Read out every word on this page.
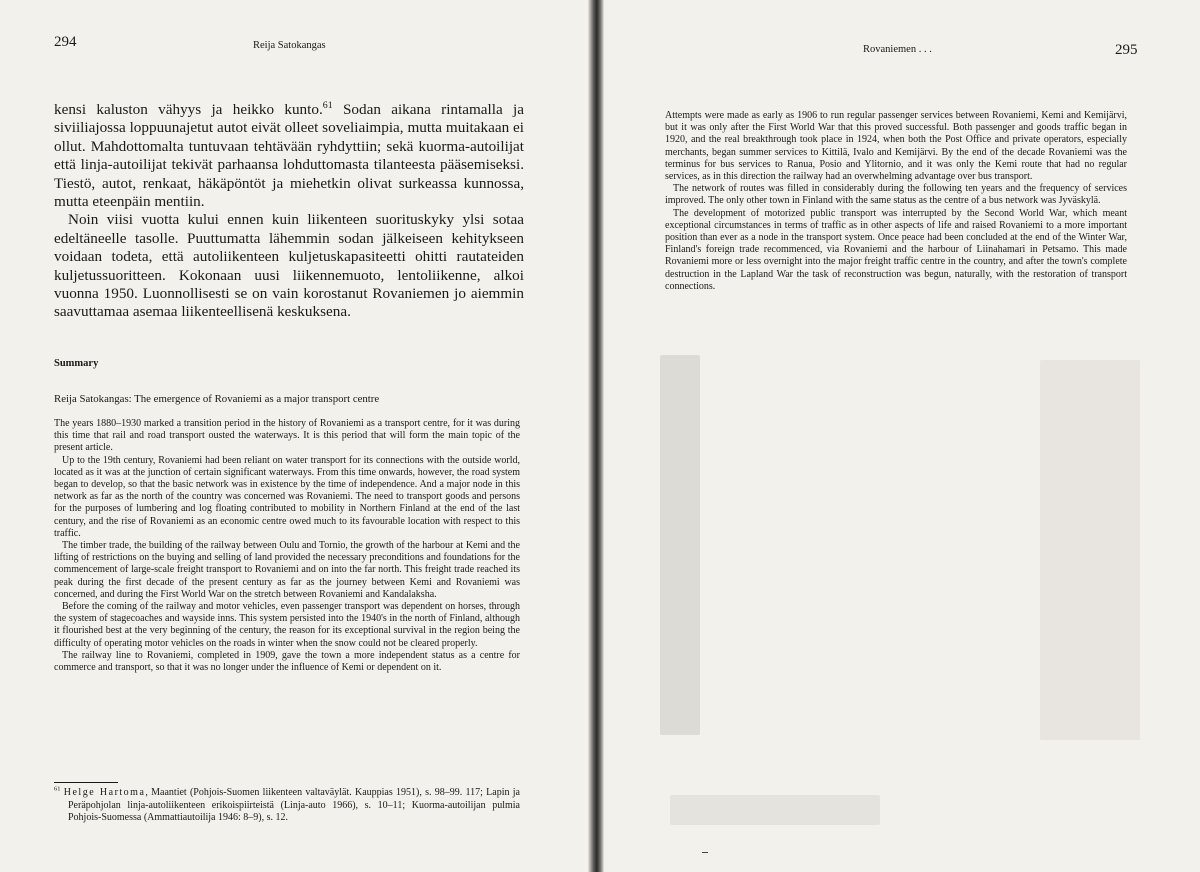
294	Reija Satokangas

kensi kaluston vähyys ja heikko kunto.$^{61}$ Sodan aikana rintamalla ja siviiliajossa loppuunajetut autot eivät olleet soveliaimpia, mutta muitakaan ei ollut. Mahdottomalta tuntuvaan tehtävään ryhdyttiin; sekä kuorma-autoilijat että linja-autoilijat tekivät parhaansa lohduttomasta tilanteesta pääsemiseksi. Tiestö, autot, renkaat, häkäpöntöt ja miehetkin olivat surkeassa kunnossa, mutta eteenpäin mentiin.

Noin viisi vuotta kului ennen kuin liikenteen suorituskyky ylsi sotaa edeltäneelle tasolle. Puuttumatta lähemmin sodan jälkeiseen kehitykseen voidaan todeta, että autoliikenteen kuljetuskapasiteetti ohitti rautateiden kuljetussuoritteen. Kokonaan uusi liikennemuoto, lentoliikenne, alkoi vuonna 1950. Luonnollisesti se on vain korostanut Rovaniemen jo aiemmin saavuttamaa asemaa liikenteellisenä keskuksena.

Summary
Reija Satokangas: The emergence of Rovaniemi as a major transport centre

The years 1880–1930 marked a transition period in the history of Rovaniemi as a transport centre, for it was during this time that rail and road transport ousted the waterways. It is this period that will form the main topic of the present article.

Up to the 19th century, Rovaniemi had been reliant on water transport for its connections with the outside world, located as it was at the junction of certain significant waterways. From this time onwards, however, the road system began to develop, so that the basic network was in existence by the time of independence. And a major node in this network as far as the north of the country was concerned was Rovaniemi. The need to transport goods and persons for the purposes of lumbering and log floating contributed to mobility in Northern Finland at the end of the last century, and the rise of Rovaniemi as an economic centre owed much to its favourable location with respect to this traffic.

The timber trade, the building of the railway between Oulu and Tornio, the growth of the harbour at Kemi and the lifting of restrictions on the buying and selling of land provided the necessary preconditions and foundations for the commencement of large-scale freight transport to Rovaniemi and on into the far north. This freight trade reached its peak during the first decade of the present century as far as the journey between Kemi and Rovaniemi was concerned, and during the First World War on the stretch between Rovaniemi and Kandalaksha.

Before the coming of the railway and motor vehicles, even passenger transport was dependent on horses, through the system of stagecoaches and wayside inns. This system persisted into the 1940's in the north of Finland, although it flourished best at the very beginning of the century, the reason for its exceptional survival in the region being the difficulty of operating motor vehicles on the roads in winter when the snow could not be cleared properly.

The railway line to Rovaniemi, completed in 1909, gave the town a more independent status as a centre for commerce and transport, so that it was no longer under the influence of Kemi or dependent on it.

$^{61}$ Helge Hartoma, Maantiet (Pohjois-Suomen liikenteen valtaväylät. Kauppias 1951), s. 98–99. 117; Lapin ja Peräpohjolan linja-autoliikenteen erikoispiirteistä (Linja-auto 1966), s. 10–11; Kuorma-autoilijan pulmia Pohjois-Suomessa (Ammattiautoilija 1946: 8–9), s. 12.

Rovaniemen . . .	295

Attempts were made as early as 1906 to run regular passenger services between Rovaniemi, Kemi and Kemijärvi, but it was only after the First World War that this proved successful. Both passenger and goods traffic began in 1920, and the real breakthrough took place in 1924, when both the Post Office and private operators, especially merchants, began summer services to Kittilä, Ivalo and Kemijärvi. By the end of the decade Rovaniemi was the terminus for bus services to Ranua, Posio and Ylitornio, and it was only the Kemi route that had no regular services, as in this direction the railway had an overwhelming advantage over bus transport.

The network of routes was filled in considerably during the following ten years and the frequency of services improved. The only other town in Finland with the same status as the centre of a bus network was Jyväskylä.

The development of motorized public transport was interrupted by the Second World War, which meant exceptional circumstances in terms of traffic as in other aspects of life and raised Rovaniemi to a more important position than ever as a node in the transport system. Once peace had been concluded at the end of the Winter War, Finland's foreign trade recommenced, via Rovaniemi and the harbour of Liinahamari in Petsamo. This made Rovaniemi more or less overnight into the major freight traffic centre in the country, and after the town's complete destruction in the Lapland War the task of reconstruction was begun, naturally, with the restoration of transport connections.
